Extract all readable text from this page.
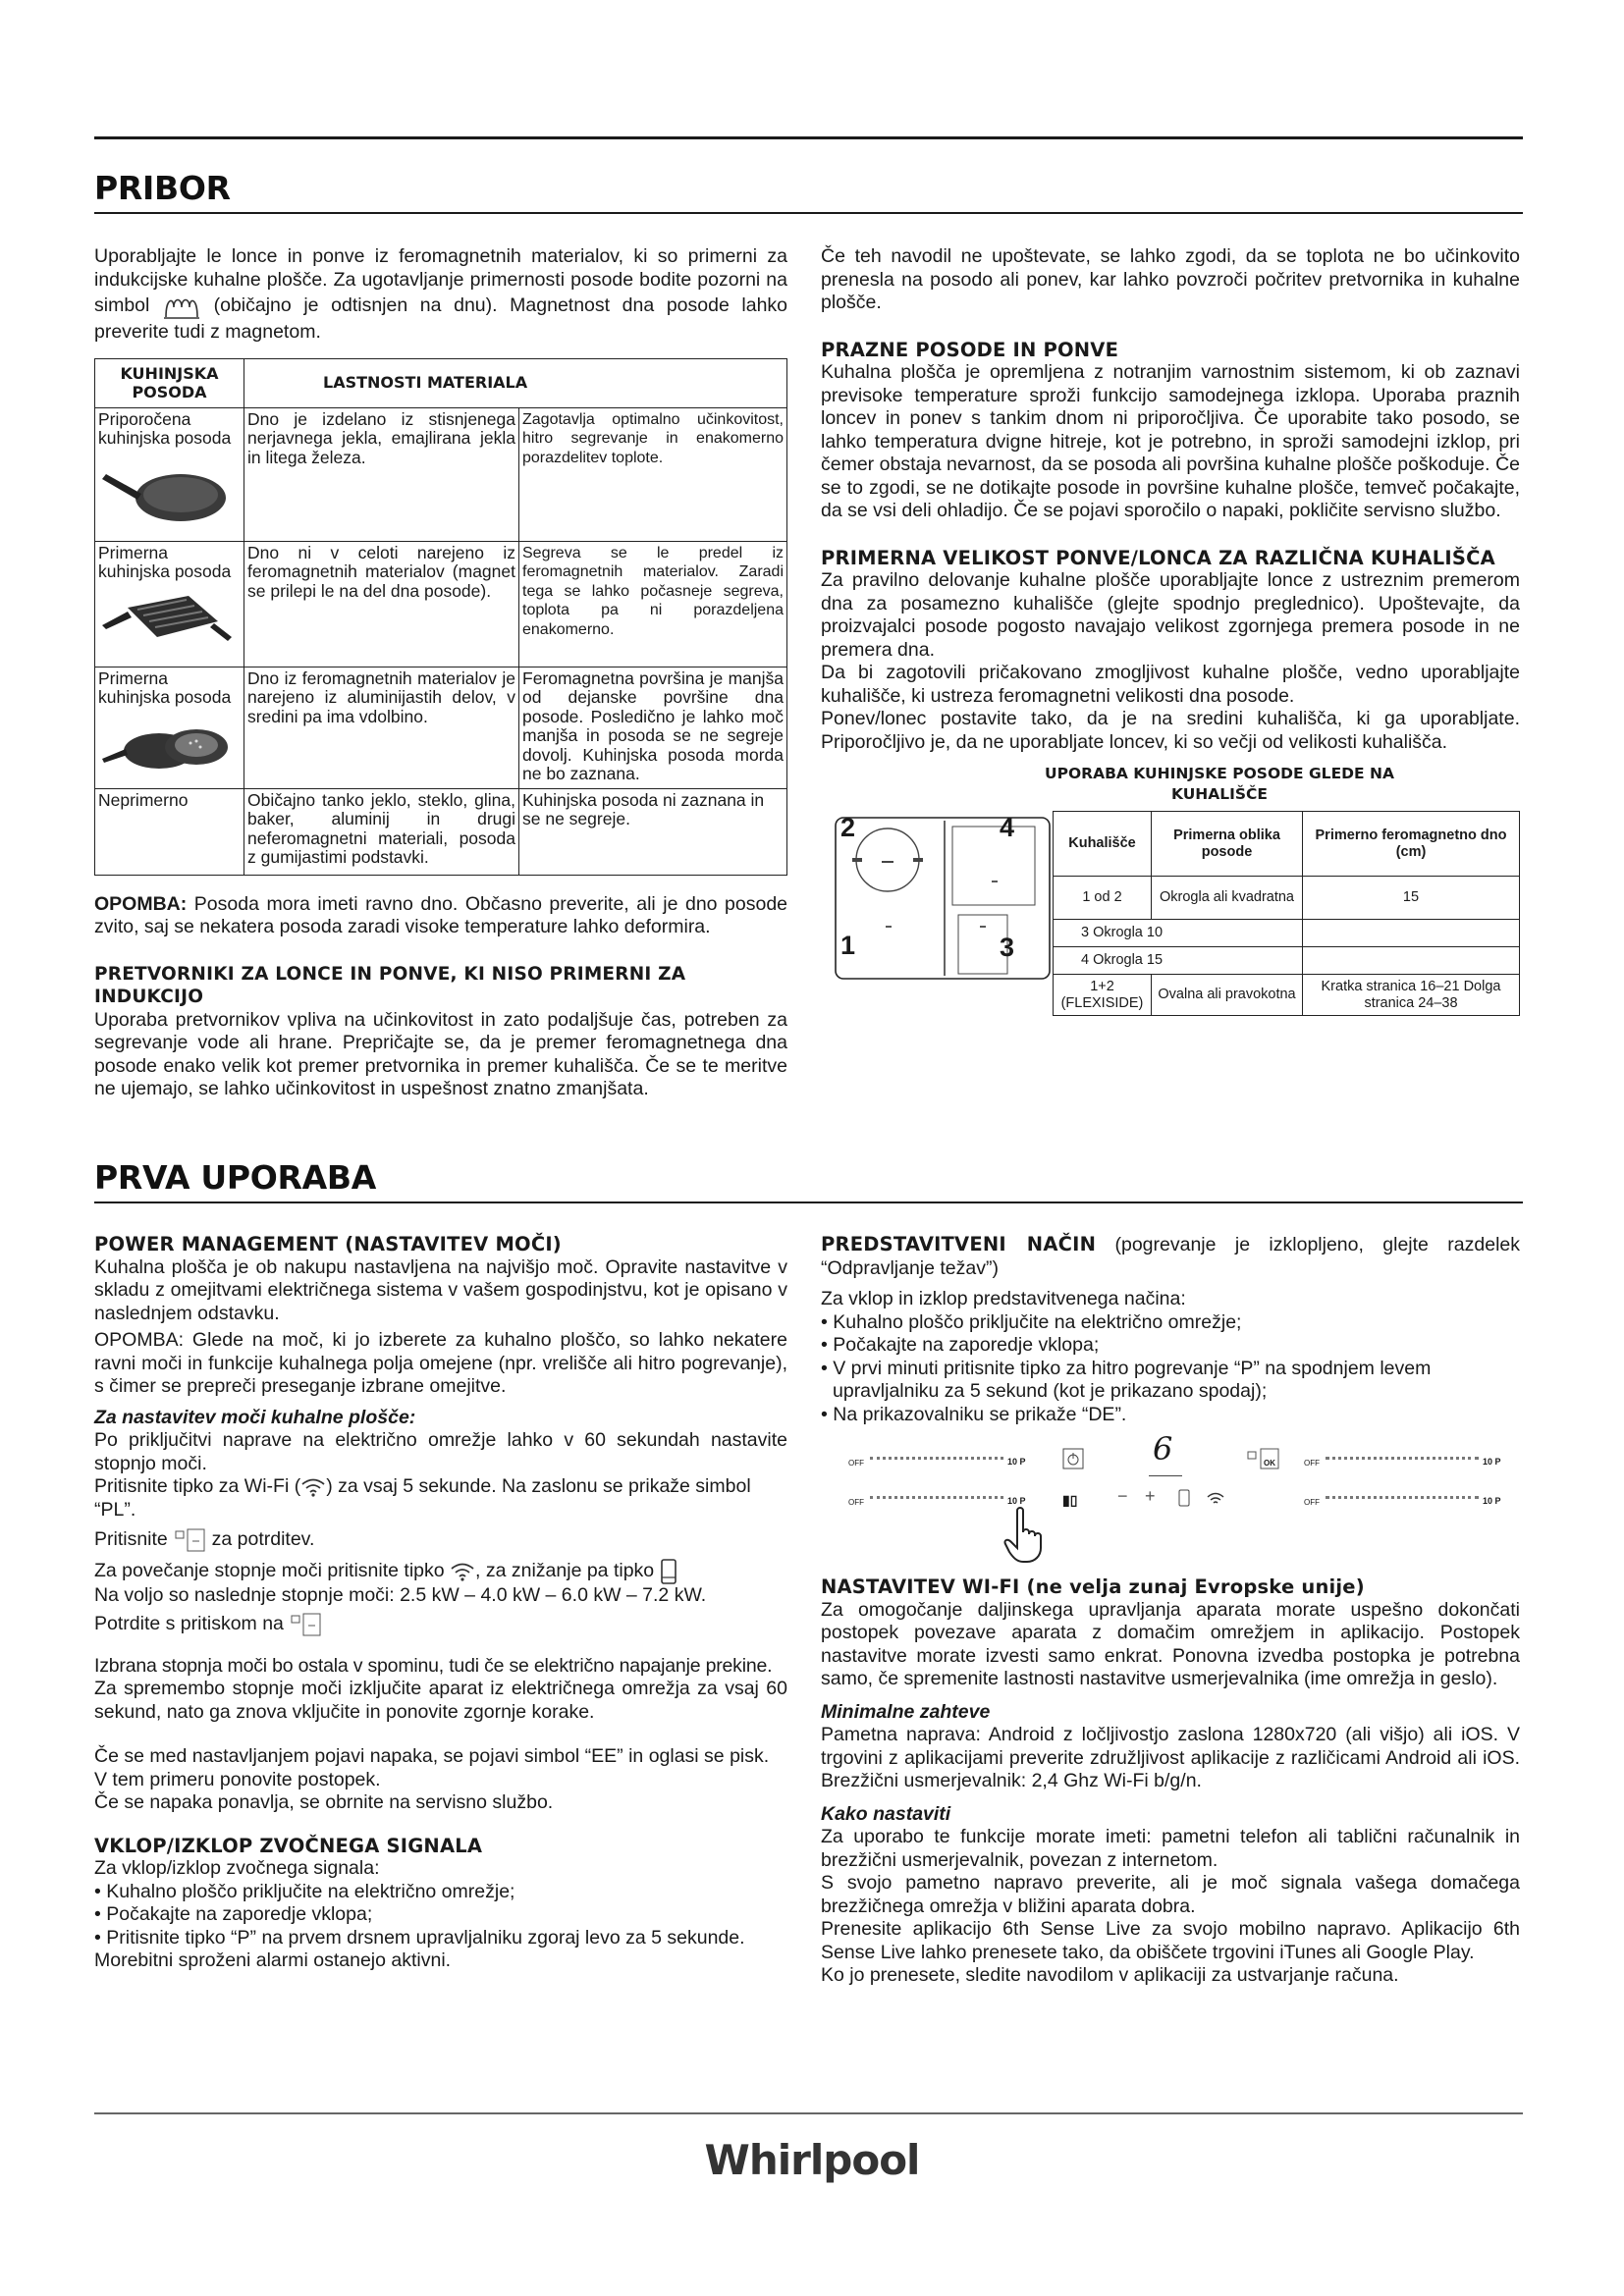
PRIBOR

Uporabljajte le lonce in ponve iz feromagnetnih materialov, ki so primerni za indukcijske kuhalne plošče. Za ugotavljanje primernosti posode bodite pozorni na simbol	(običajno je odtisnjen na dnu). Magnetnost dna posode lahko preverite tudi z magnetom.

KUHINJSKA POSODA	LASTNOSTI MATERIALA	

Priporočena kuhinjska posoda	Dno je izdelano iz stisnjenega nerjavnega jekla, emajlirana jekla in litega železa.	Zagotavlja optimalno učinkovitost, hitro segrevanje in enakomerno porazdelitev toplote.

Primerna kuhinjska posoda	Dno ni v celoti narejeno iz feromagnetnih materialov (magnet se prilepi le na del dna posode).	Segreva se le predel iz feromagnetnih materialov. Zaradi tega se lahko počasneje segreva, toplota pa ni porazdeljena enakomerno.

Primerna kuhinjska posoda	Dno iz feromagnetnih materialov je narejeno iz aluminijastih delov, v sredini pa ima vdolbino.	Feromagnetna površina je manjša od dejanske površine dna posode. Posledično je lahko moč manjša in posoda se ne segreje dovolj. Kuhinjska posoda morda ne bo zaznana.
Neprimerno	Običajno tanko jeklo, steklo, glina, baker, aluminij in drugi neferomagnetni materiali, posoda z gumijastimi podstavki.	Kuhinjska posoda ni zaznana in se ne segreje.

OPOMBA: Posoda mora imeti ravno dno. Občasno preverite, ali je dno posode zvito, saj se nekatera posoda zaradi visoke temperature lahko deformira.

PRETVORNIKI ZA LONCE IN PONVE, KI NISO PRIMERNI ZA INDUKCIJO

Uporaba pretvornikov vpliva na učinkovitost in zato podaljšuje čas, potreben za segrevanje vode ali hrane. Prepričajte se, da je premer feromagnetnega dna posode enako velik kot premer pretvornika in premer kuhališča. Če se te meritve ne ujemajo, se lahko učinkovitost in uspešnost znatno zmanjšata.

Če teh navodil ne upoštevate, se lahko zgodi, da se toplota ne bo učinkovito prenesla na posodo ali ponev, kar lahko povzroči počritev pretvornika in kuhalne plošče.

PRAZNE POSODE IN PONVE

Kuhalna plošča je opremljena z notranjim varnostnim sistemom, ki ob zaznavi previsoke temperature sproži funkcijo samodejnega izklopa. Uporaba praznih loncev in ponev s tankim dnom ni priporočljiva. Če uporabite tako posodo, se lahko temperatura dvigne hitreje, kot je potrebno, in sproži samodejni izklop, pri čemer obstaja nevarnost, da se posoda ali površina kuhalne plošče poškoduje. Če se to zgodi, se ne dotikajte posode in površine kuhalne plošče, temveč počakajte, da se vsi deli ohladijo. Če se pojavi sporočilo o napaki, pokličite servisno službo.

PRIMERNA VELIKOST PONVE/LONCA ZA RAZLIČNA KUHALIŠČA

Za pravilno delovanje kuhalne plošče uporabljajte lonce z ustreznim premerom dna za posamezno kuhališče (glejte spodnjo preglednico). Upoštevajte, da proizvajalci posode pogosto navajajo velikost zgornjega premera posode in ne premera dna.

Da bi zagotovili pričakovano zmogljivost kuhalne plošče, vedno uporabljajte kuhališče, ki ustreza feromagnetni velikosti dna posode.

Ponev/lonec postavite tako, da je na sredini kuhališča, ki ga uporabljate. Priporočljivo je, da ne uporabljate loncev, ki so večji od velikosti kuhališča.

UPORABA KUHINJSKE POSODE GLEDE NA KUHALIŠČE

2	4
1	3
Kuhališče	Primerna oblika posode	Primerno feromagnetno dno (cm)
1 od 2	Okrogla ali kvadratna	15
3 Okrogla 10		
4 Okrogla 15		
1+2 (FLEXISIDE)	Ovalna ali pravokotna	Kratka stranica 16–21 Dolga stranica 24–38
PRVA UPORABA

POWER MANAGEMENT (NASTAVITEV MOČI)

Kuhalna plošča je ob nakupu nastavljena na najvišjo moč. Opravite nastavitve v skladu z omejitvami električnega sistema v vašem gospodinjstvu, kot je opisano v naslednjem odstavku.

OPOMBA: Glede na moč, ki jo izberete za kuhalno ploščo, so lahko nekatere ravni moči in funkcije kuhalnega polja omejene (npr. vrelišče ali hitro pogrevanje), s čimer se prepreči preseganje izbrane omejitve.

Za nastavitev moči kuhalne plošče:

Po priključitvi naprave na električno omrežje lahko v 60 sekundah nastavite stopnjo moči.

Pritisnite tipko za Wi-Fi ( ) za vsaj 5 sekunde. Na zaslonu se prikaže simbol “PL”.

Pritisnite za potrditev.

Za povečanje stopnje moči pritisnite tipko , za znižanje pa tipko

Na voljo so naslednje stopnje moči: 2.5 kW – 4.0 kW – 6.0 kW – 7.2 kW.

Potrdite s pritiskom na

Izbrana stopnja moči bo ostala v spominu, tudi če se električno napajanje prekine.

Za spremembo stopnje moči izključite aparat iz električnega omrežja za vsaj 60 sekund, nato ga znova vključite in ponovite zgornje korake.

Če se med nastavljanjem pojavi napaka, se pojavi simbol “EE” in oglasi se pisk.

V tem primeru ponovite postopek.

Če se napaka ponavlja, se obrnite na servisno službo.

VKLOP/IZKLOP ZVOČNEGA SIGNALA

Za vklop/izklop zvočnega signala:

• Kuhalno ploščo priključite na električno omrežje;

• Počakajte na zaporedje vklopa;

• Pritisnite tipko “P” na prvem drsnem upravljalniku zgoraj levo za 5 sekunde.

Morebitni sproženi alarmi ostanejo aktivni.

PREDSTAVITVENI NAČIN (pogrevanje je izklopljeno, glejte razdelek “Odpravljanje težav”)

Za vklop in izklop predstavitvenega načina:

• Kuhalno ploščo priključite na električno omrežje;

• Počakajte na zaporedje vklopa;

• V prvi minuti pritisnite tipko za hitro pogrevanje “P” na spodnjem levem upravljalniku za 5 sekund (kot je prikazano spodaj);

• Na prikazovalniku se prikaže “DE”.

OFF	10 P
OFF	10 P
6	OK
▮▯ − +
OFF	10 P
OFF	10 P

NASTAVITEV WI-FI (ne velja zunaj Evropske unije)

Za omogočanje daljinskega upravljanja aparata morate uspešno dokončati postopek povezave aparata z domačim omrežjem in aplikacijo. Postopek nastavitve morate izvesti samo enkrat. Ponovna izvedba postopka je potrebna samo, če spremenite lastnosti nastavitve usmerjevalnika (ime omrežja in geslo).

Minimalne zahteve

Pametna naprava: Android z ločljivostjo zaslona 1280x720 (ali višjo) ali iOS. V trgovini z aplikacijami preverite združljivost aplikacije z različicami Android ali iOS. Brezžični usmerjevalnik: 2,4 Ghz Wi-Fi b/g/n.

Kako nastaviti

Za uporabo te funkcije morate imeti: pametni telefon ali tablični računalnik in brezžični usmerjevalnik, povezan z internetom.

S svojo pametno napravo preverite, ali je moč signala vašega domačega brezžičnega omrežja v bližini aparata dobra.

Prenesite aplikacijo 6th Sense Live za svojo mobilno napravo. Aplikacijo 6th Sense Live lahko prenesete tako, da obiščete trgovini iTunes ali Google Play.

Ko jo prenesete, sledite navodilom v aplikaciji za ustvarjanje računa.

Whirlpool
